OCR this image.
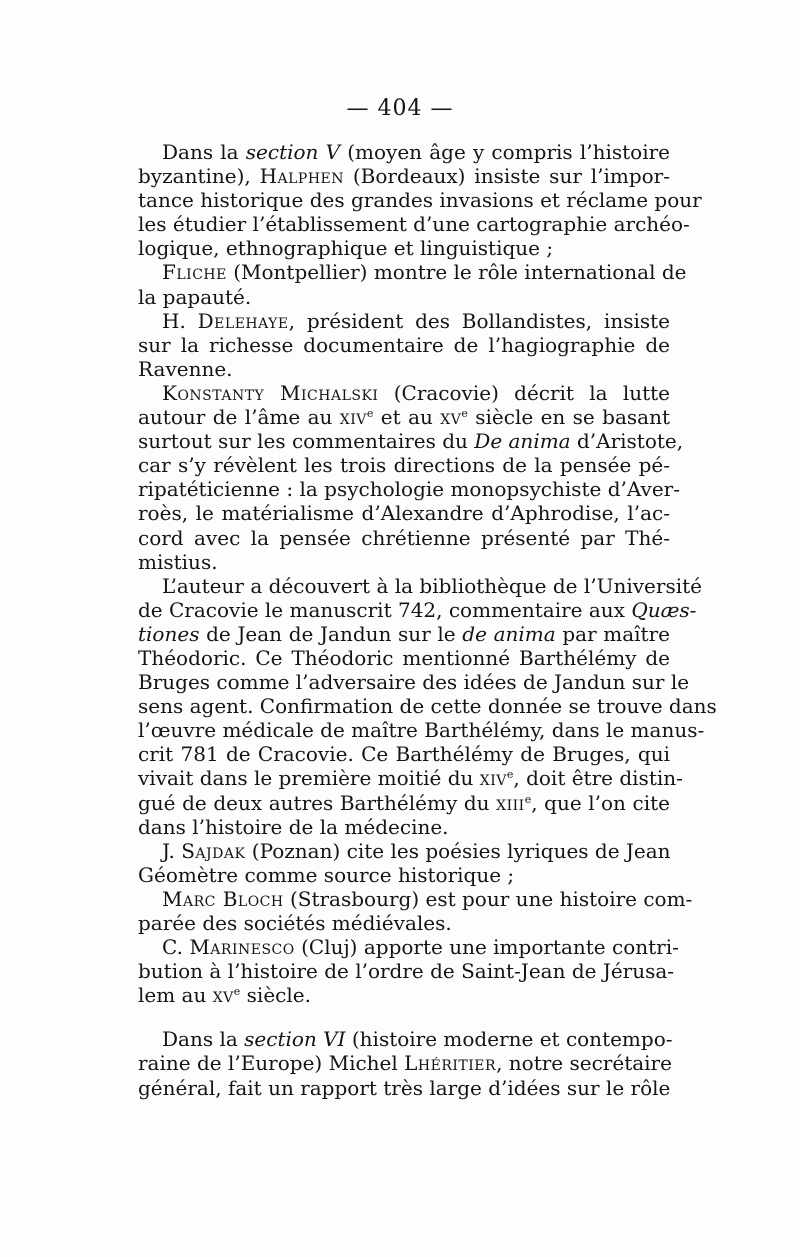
— 404 —
Dans la section V (moyen âge y compris l’histoire
byzantine), Halphen (Bordeaux) insiste sur l’impor-
tance historique des grandes invasions et réclame pour
les étudier l’établissement d’une cartographie archéo-
logique, ethnographique et linguistique ;
Fliche (Montpellier) montre le rôle international de
la papauté.
H. Delehaye, président des Bollandistes, insiste
sur la richesse documentaire de l’hagiographie de
Ravenne.
Konstanty Michalski (Cracovie) décrit la lutte
autour de l’âme au xiv$^e$ et au $xv^e$ siècle en se basant
surtout sur les commentaires du De anima d’Aristote,
car s’y révèlent les trois directions de la pensée pé-
ripatéticienne : la psychologie monopsychiste d’Aver-
roès, le matérialisme d’Alexandre d’Aphrodise, l’ac-
cord avec la pensée chrétienne présenté par Thé-
mistius.
L’auteur a découvert à la bibliothèque de l’Université
de Cracovie le manuscrit 742, commentaire aux Quæs-
tiones de Jean de Jandun sur le de anima par maître
Théodoric. Ce Théodoric mentionné Barthélémy de
Bruges comme l’adversaire des idées de Jandun sur le
sens agent. Confirmation de cette donnée se trouve dans
l’œuvre médicale de maître Barthélémy, dans le manus-
crit 781 de Cracovie. Ce Barthélémy de Bruges, qui
vivait dans le première moitié du xiv$^e$, doit être distin-
gué de deux autres Barthélémy du xiii$^e$, que l’on cite
dans l’histoire de la médecine.
J. Sajdak (Poznan) cite les poésies lyriques de Jean
Géomètre comme source historique ;
Marc Bloch (Strasbourg) est pour une histoire com-
parée des sociétés médiévales.
C. Marinesco (Cluj) apporte une importante contri-
bution à l’histoire de l’ordre de Saint-Jean de Jérusa-
lem au $xv^e$ siècle.
Dans la section VI (histoire moderne et contempo-
raine de l’Europe) Michel Lhéritier, notre secrétaire
général, fait un rapport très large d’idées sur le rôle
